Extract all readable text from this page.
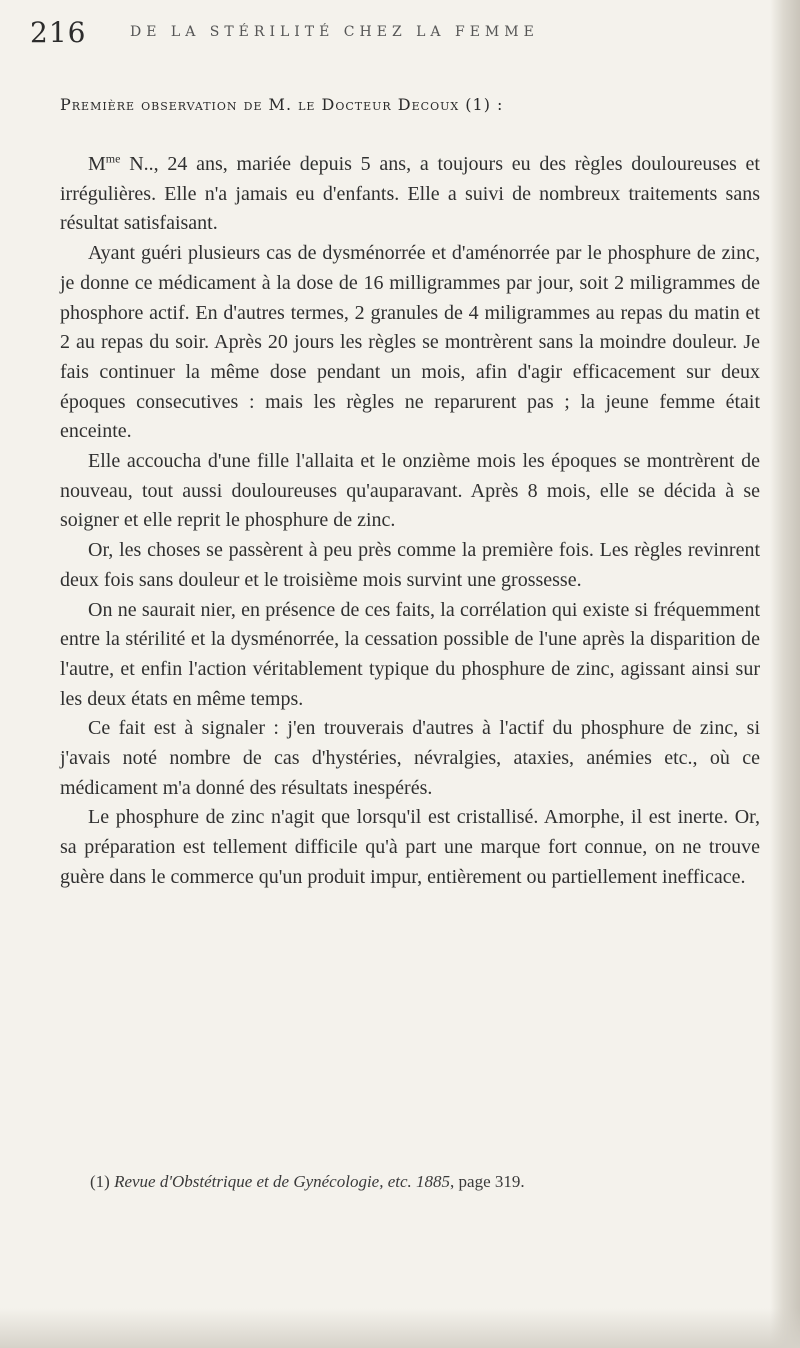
216	DE LA STÉRILITÉ CHEZ LA FEMME
Première observation de M. le Docteur Decoux (1) :

$M^{me}$ N.., 24 ans, mariée depuis 5 ans, a toujours eu des règles douloureuses et irrégulières. Elle n'a jamais eu d'enfants. Elle a suivi de nombreux traitements sans résultat satisfaisant.

Ayant guéri plusieurs cas de dysménorrée et d'aménorrée par le phosphure de zinc, je donne ce médicament à la dose de 16 milligrammes par jour, soit 2 miligrammes de phosphore actif. En d'autres termes, 2 granules de 4 miligrammes au repas du matin et 2 au repas du soir. Après 20 jours les règles se montrèrent sans la moindre douleur. Je fais continuer la même dose pendant un mois, afin d'agir efficacement sur deux époques consecutives : mais les règles ne reparurent pas ; la jeune femme était enceinte.

Elle accoucha d'une fille l'allaita et le onzième mois les époques se montrèrent de nouveau, tout aussi douloureuses qu'auparavant. Après 8 mois, elle se décida à se soigner et elle reprit le phosphure de zinc.

Or, les choses se passèrent à peu près comme la première fois. Les règles revinrent deux fois sans douleur et le troisième mois survint une grossesse.

On ne saurait nier, en présence de ces faits, la corrélation qui existe si fréquemment entre la stérilité et la dysménorrée, la cessation possible de l'une après la disparition de l'autre, et enfin l'action véritablement typique du phosphure de zinc, agissant ainsi sur les deux états en même temps.

Ce fait est à signaler : j'en trouverais d'autres à l'actif du phosphure de zinc, si j'avais noté nombre de cas d'hystéries, névralgies, ataxies, anémies etc., où ce médicament m'a donné des résultats inespérés.

Le phosphure de zinc n'agit que lorsqu'il est cristallisé. Amorphe, il est inerte. Or, sa préparation est tellement difficile qu'à part une marque fort connue, on ne trouve guère dans le commerce qu'un produit impur, entièrement ou partiellement inefficace.

(1) Revue d'Obstétrique et de Gynécologie, etc. 1885, page 319.
